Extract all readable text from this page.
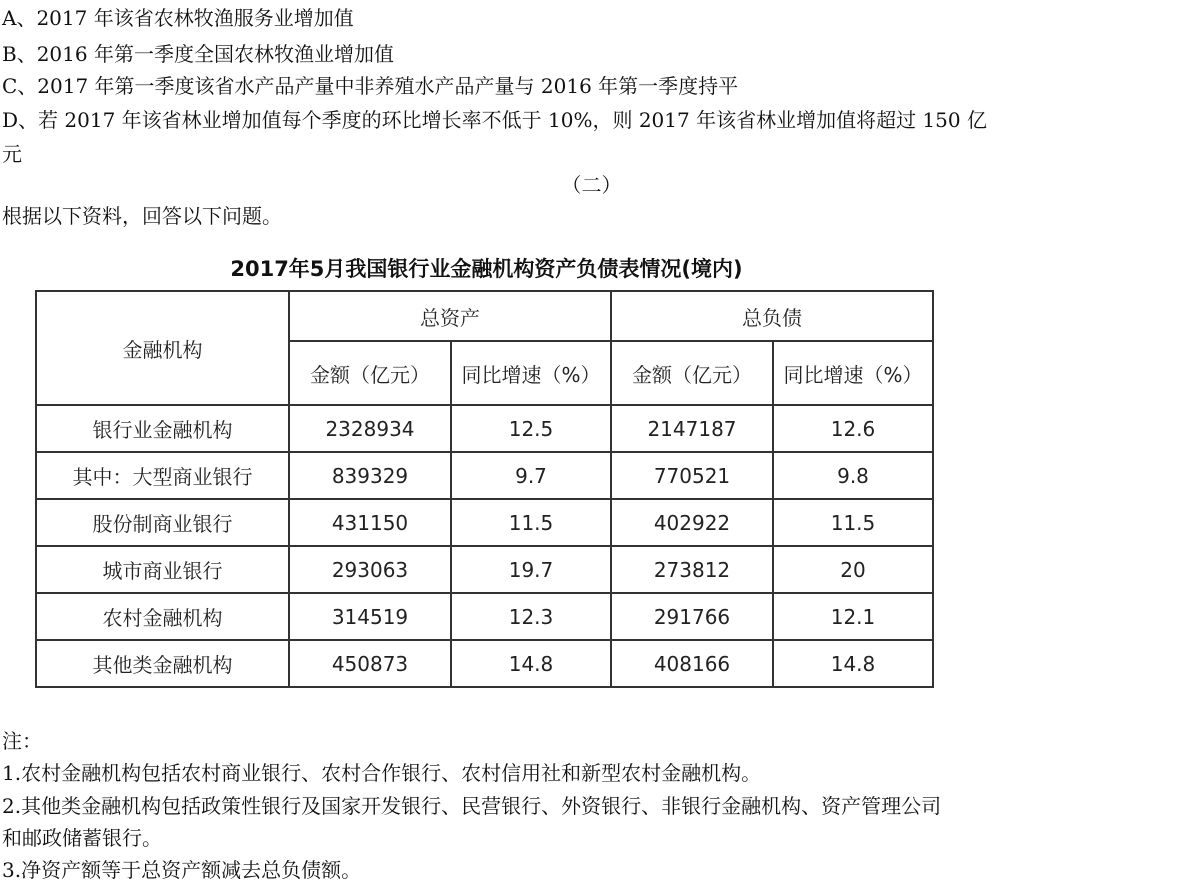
A、2017 年该省农林牧渔服务业增加值
B、2016 年第一季度全国农林牧渔业增加值
C、2017 年第一季度该省水产品产量中非养殖水产品产量与 2016 年第一季度持平
D、若 2017 年该省林业增加值每个季度的环比增长率不低于 10%，则 2017 年该省林业增加值将超过 150 亿
元
（二）
根据以下资料，回答以下问题。
2017年5月我国银行业金融机构资产负债表情况(境内)
金融机构	总资产		总负债	
	金额（亿元）	同比增速（%）	金额（亿元）	同比增速（%）
银行业金融机构	2328934	12.5	2147187	12.6
其中：大型商业银行	839329	9.7	770521	9.8
股份制商业银行	431150	11.5	402922	11.5
城市商业银行	293063	19.7	273812	20
农村金融机构	314519	12.3	291766	12.1
其他类金融机构	450873	14.8	408166	14.8
注：
1.农村金融机构包括农村商业银行、农村合作银行、农村信用社和新型农村金融机构。
2.其他类金融机构包括政策性银行及国家开发银行、民营银行、外资银行、非银行金融机构、资产管理公司
和邮政储蓄银行。
3.净资产额等于总资产额减去总负债额。
